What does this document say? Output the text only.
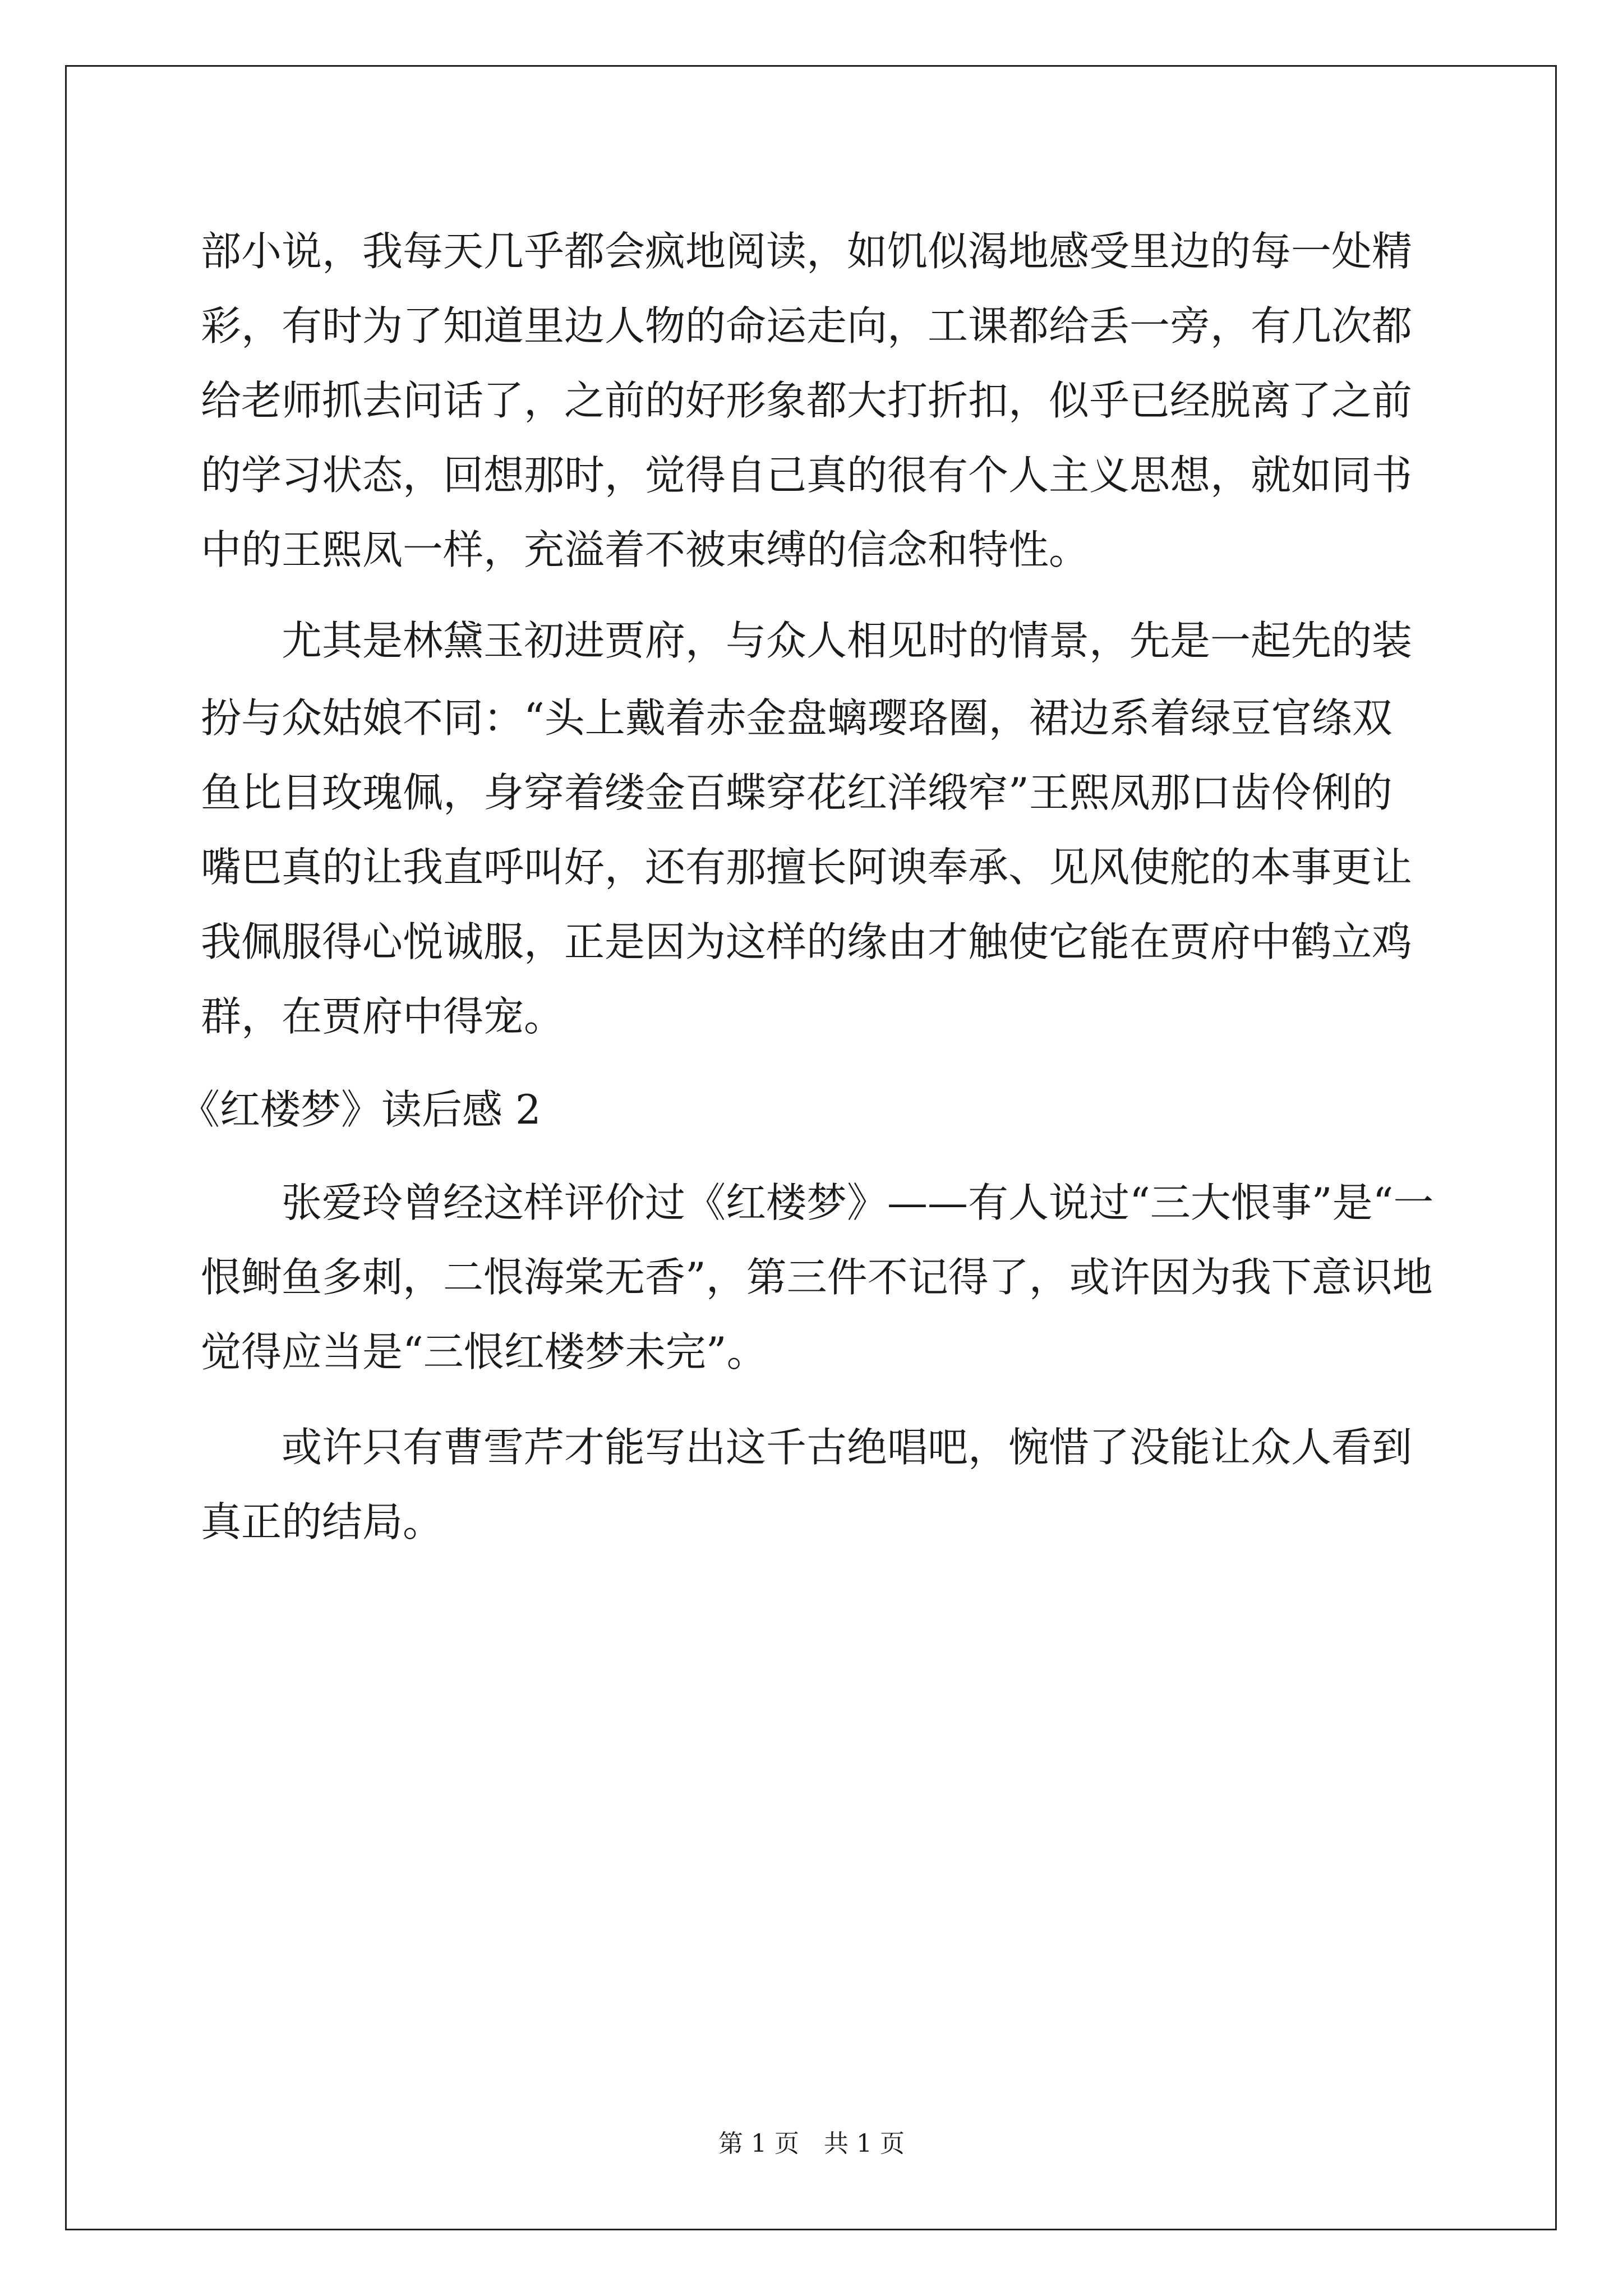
部小说，我每天几乎都会疯地阅读，如饥似渴地感受里边的每一处精
彩，有时为了知道里边人物的命运走向，工课都给丢一旁，有几次都
给老师抓去问话了，之前的好形象都大打折扣，似乎已经脱离了之前
的学习状态，回想那时，觉得自己真的很有个人主义思想，就如同书
中的王熙凤一样，充溢着不被束缚的信念和特性。
尤其是林黛玉初进贾府，与众人相见时的情景，先是一起先的装
扮与众姑娘不同：“头上戴着赤金盘螭璎珞圈，裙边系着绿豆官绦双
鱼比目玫瑰佩，身穿着缕金百蝶穿花红洋缎窄”王熙凤那口齿伶俐的
嘴巴真的让我直呼叫好，还有那擅长阿谀奉承、见风使舵的本事更让
我佩服得心悦诚服，正是因为这样的缘由才触使它能在贾府中鹤立鸡
群，在贾府中得宠。
《红楼梦》读后感 2
张爱玲曾经这样评价过《红楼梦》——有人说过“三大恨事”是“一
恨鲥鱼多刺，二恨海棠无香”，第三件不记得了，或许因为我下意识地
觉得应当是“三恨红楼梦未完”。
或许只有曹雪芹才能写出这千古绝唱吧，惋惜了没能让众人看到
真正的结局。
第 1 页　共 1 页
